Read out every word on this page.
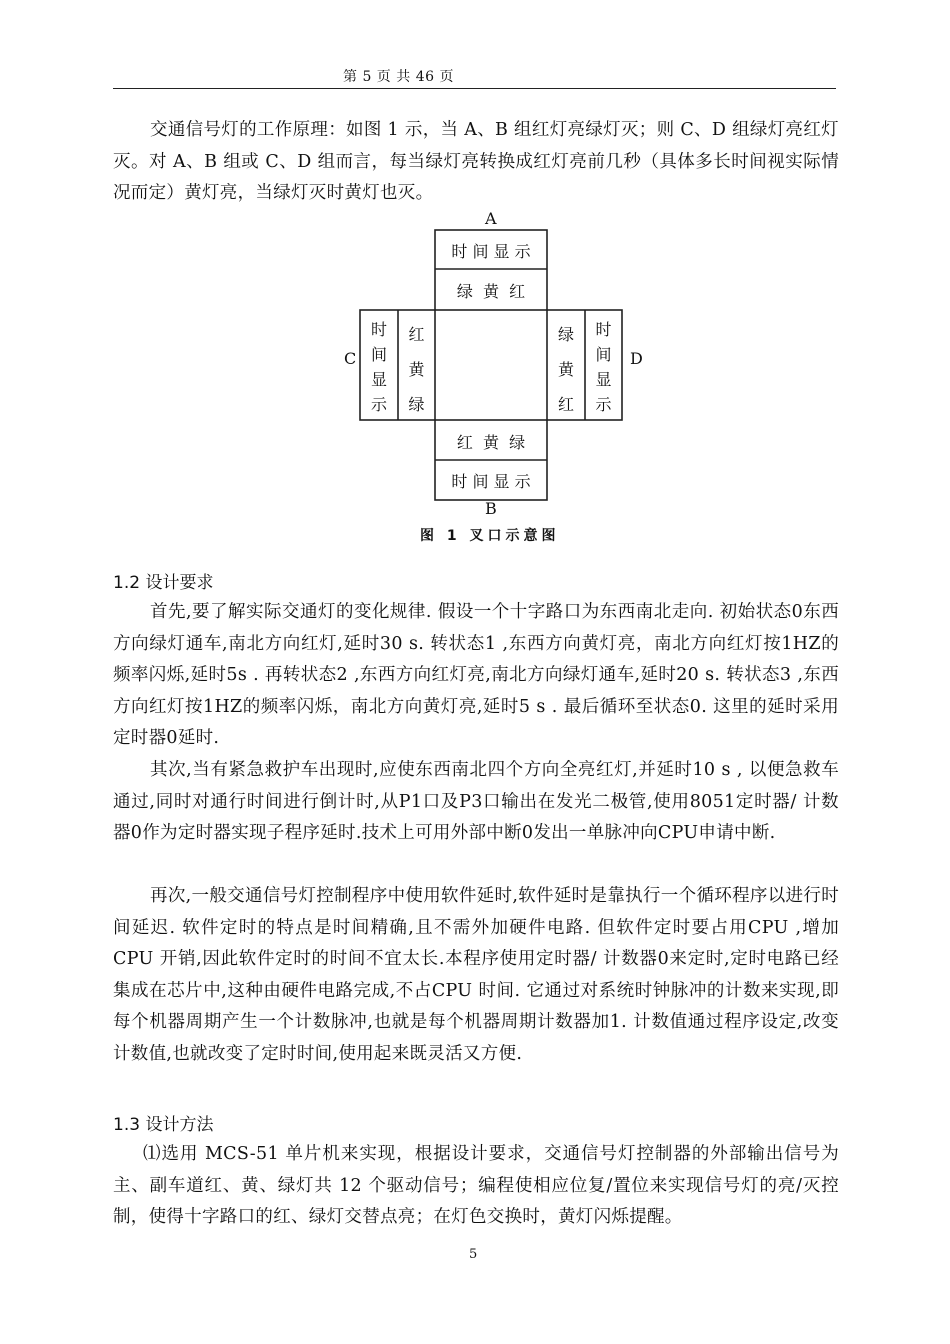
第 5 页 共 46 页

交通信号灯的工作原理：如图 1 示，当 A、B 组红灯亮绿灯灭；则 C、D 组绿灯亮红灯灭。对 A、B 组或 C、D 组而言，每当绿灯亮转换成红灯亮前几秒（具体多长时间视实际情况而定）黄灯亮，当绿灯灭时黄灯也灭。

A
B
C	D
时 间 显 示
绿  黄  红
红  黄  绿
时 间 显 示
时
间
显
示
红
黄
绿
绿
黄
红
时
间
显
示
图 1 叉口示意图
1.2 设计要求

首先,要了解实际交通灯的变化规律. 假设一个十字路口为东西南北走向. 初始状态0东西方向绿灯通车,南北方向红灯,延时30 s. 转状态1 ,东西方向黄灯亮，南北方向红灯按1HZ的频率闪烁,延时5s . 再转状态2 ,东西方向红灯亮,南北方向绿灯通车,延时20 s. 转状态3 ,东西方向红灯按1HZ的频率闪烁，南北方向黄灯亮,延时5 s . 最后循环至状态0. 这里的延时采用定时器0延时.

其次,当有紧急救护车出现时,应使东西南北四个方向全亮红灯,并延时10 s , 以便急救车通过,同时对通行时间进行倒计时,从P1口及P3口输出在发光二极管,使用8051定时器/ 计数器0作为定时器实现子程序延时.技术上可用外部中断0发出一单脉冲向CPU申请中断.

再次,一般交通信号灯控制程序中使用软件延时,软件延时是靠执行一个循环程序以进行时间延迟. 软件定时的特点是时间精确,且不需外加硬件电路. 但软件定时要占用CPU ,增加CPU 开销,因此软件定时的时间不宜太长.本程序使用定时器/ 计数器0来定时,定时电路已经集成在芯片中,这种由硬件电路完成,不占CPU 时间. 它通过对系统时钟脉冲的计数来实现,即每个机器周期产生一个计数脉冲,也就是每个机器周期计数器加1. 计数值通过程序设定,改变计数值,也就改变了定时时间,使用起来既灵活又方便.

1.3 设计方法

⑴选用 MCS-51 单片机来实现，根据设计要求，交通信号灯控制器的外部输出信号为主、副车道红、黄、绿灯共 12 个驱动信号；编程使相应位复/置位来实现信号灯的亮/灭控制，使得十字路口的红、绿灯交替点亮；在灯色交换时，黄灯闪烁提醒。

5
